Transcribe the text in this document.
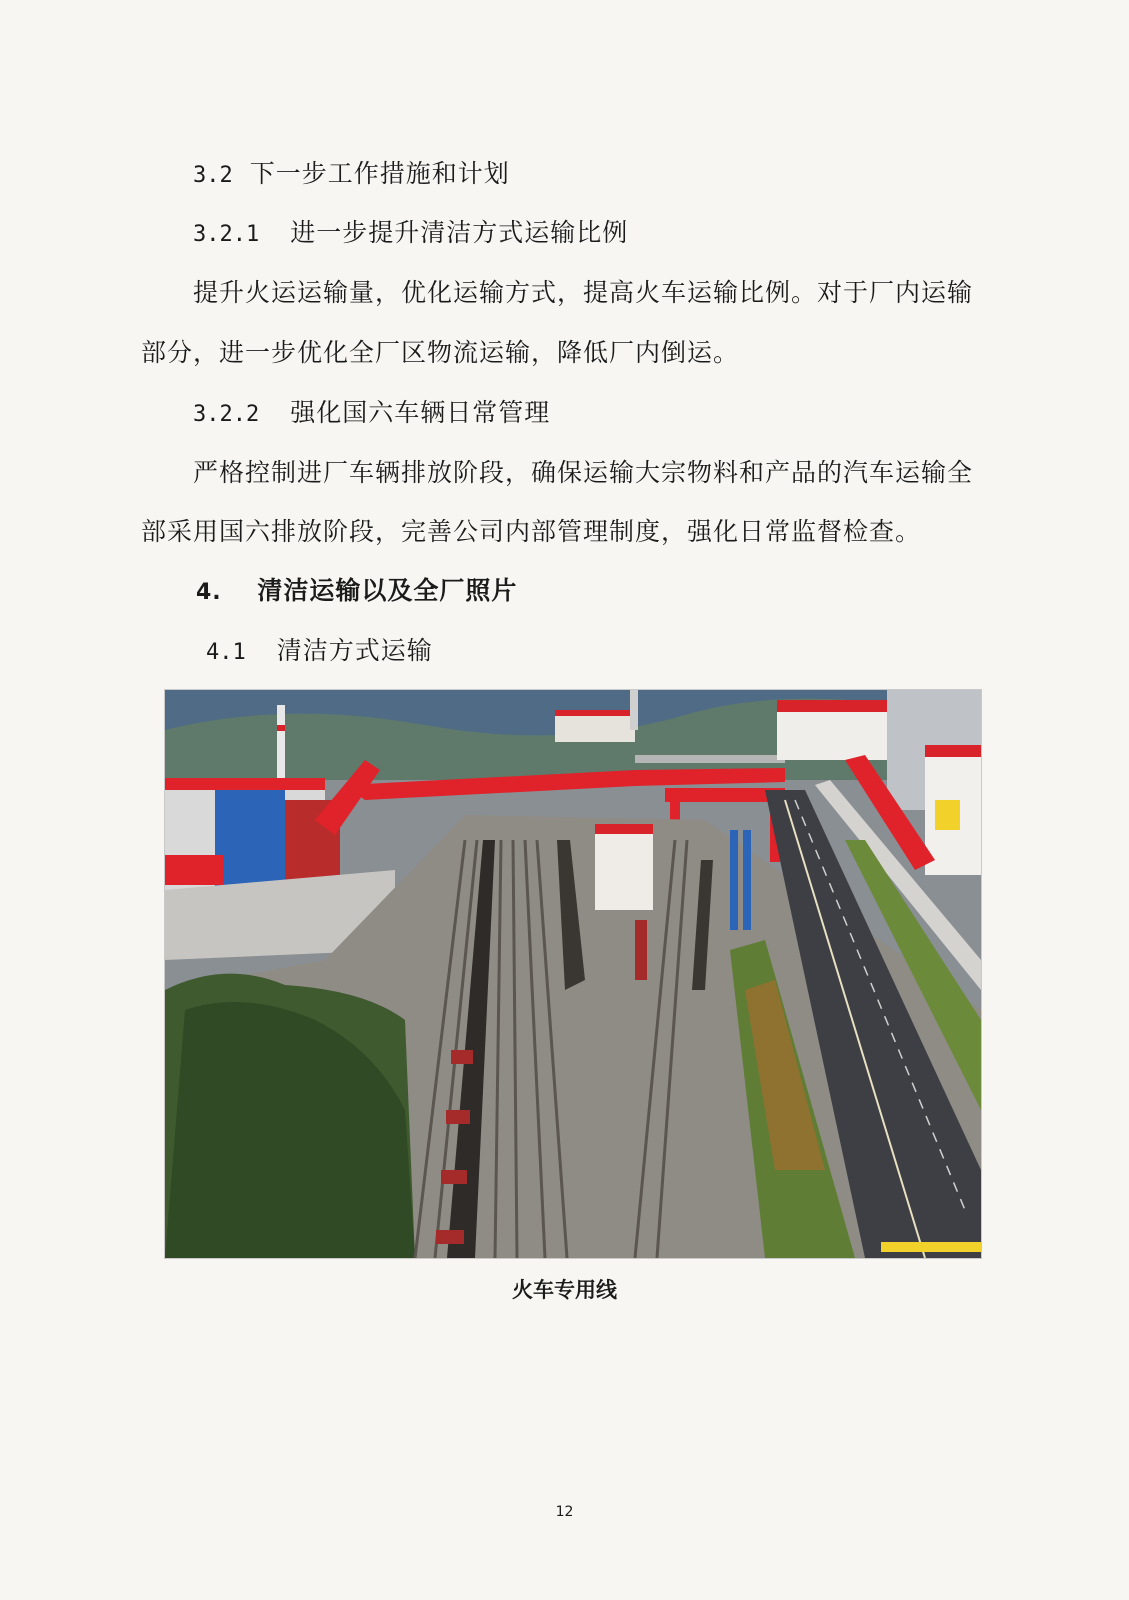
3.2 下一步工作措施和计划
3.2.1 进一步提升清洁方式运输比例
提升火运运输量，优化运输方式，提高火车运输比例。对于厂内运输
部分，进一步优化全厂区物流运输，降低厂内倒运。
3.2.2 强化国六车辆日常管理
严格控制进厂车辆排放阶段，确保运输大宗物料和产品的汽车运输全
部采用国六排放阶段，完善公司内部管理制度，强化日常监督检查。
4. 清洁运输以及全厂照片
4.1 清洁方式运输
火车专用线
12
